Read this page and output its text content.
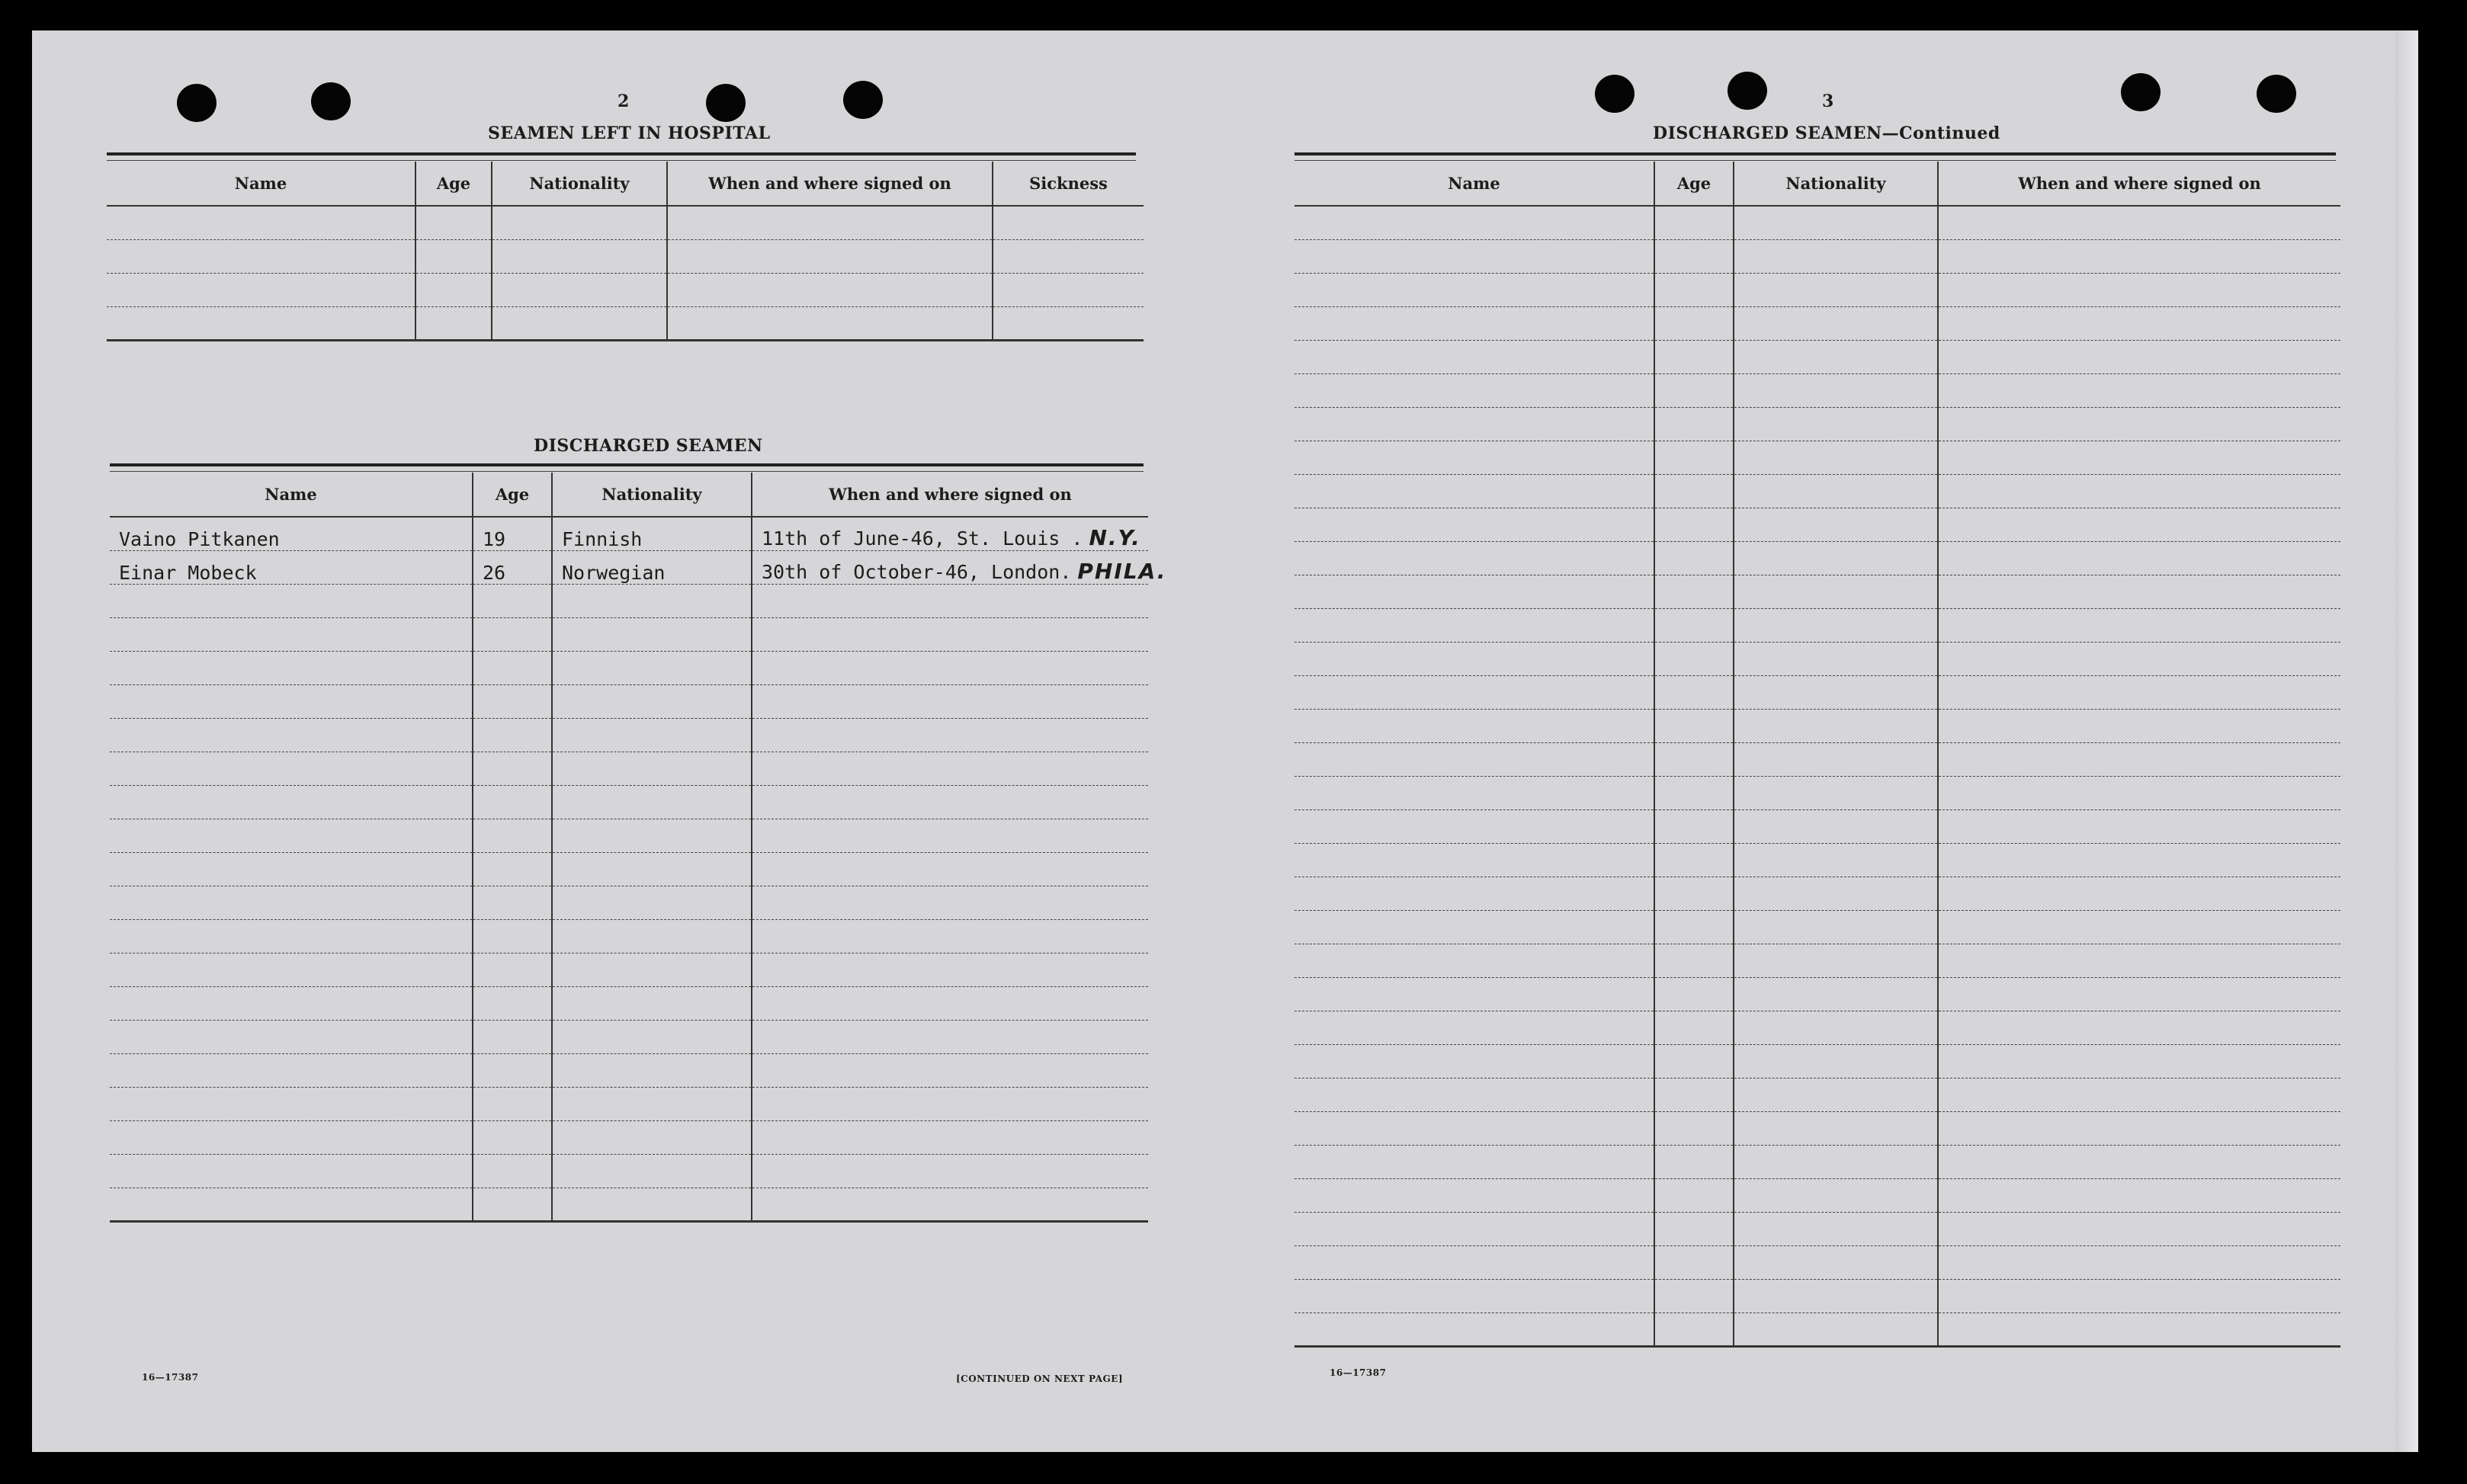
2
SEAMEN LEFT IN HOSPITAL
Name	Age	Nationality	When and where signed on	Sickness

DISCHARGED SEAMEN
Name	Age	Nationality	When and where signed on
Vaino Pitkanen	19	Finnish	11th of June-46, St. Louis . N.Y.
Einar Mobeck	26	Norwegian	30th of October-46, London. PHILA.

16—17387	[CONTINUED ON NEXT PAGE]
3
DISCHARGED SEAMEN—Continued
Name	Age	Nationality	When and where signed on

16—17387
